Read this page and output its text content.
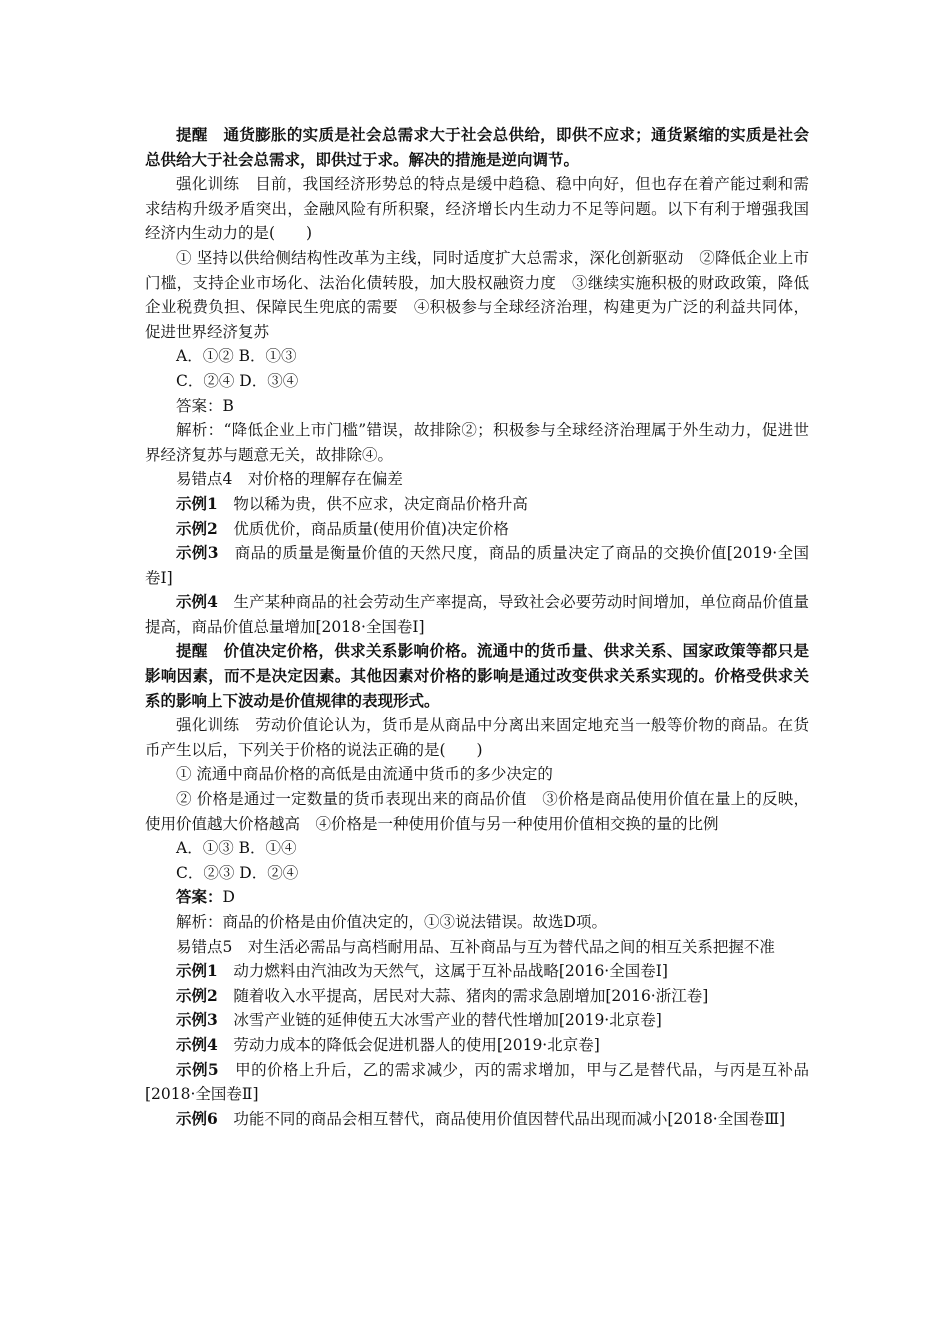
提醒　 通货膨胀的实质是社会总需求大于社会总供给，即供不应求；通货紧缩的实质是社会总供给大于社会总需求，即供过于求。解决的措施是逆向调节。

强化训练　 目前，我国经济形势总的特点是缓中趋稳、稳中向好，但也存在着产能过剩和需求结构升级矛盾突出，金融风险有所积聚，经济增长内生动力不足等问题。以下有利于增强我国经济内生动力的是(　　)

① 坚持以供给侧结构性改革为主线，同时适度扩大总需求，深化创新驱动　②降低企业上市门槛，支持企业市场化、法治化债转股，加大股权融资力度　③继续实施积极的财政政策，降低企业税费负担、保障民生兜底的需要　④积极参与全球经济治理，构建更为广泛的利益共同体，促进世界经济复苏

A．①② B．①③

C．②④ D．③④

答案：B

解析：“降低企业上市门槛”错误，故排除②；积极参与全球经济治理属于外生动力，促进世界经济复苏与题意无关，故排除④。

易错点4　对价格的理解存在偏差

示例1　 物以稀为贵，供不应求，决定商品价格升高

示例2　 优质优价，商品质量(使用价值)决定价格

示例3　 商品的质量是衡量价值的天然尺度，商品的质量决定了商品的交换价值[2019·全国卷Ⅰ]

示例4　 生产某种商品的社会劳动生产率提高，导致社会必要劳动时间增加，单位商品价值量提高，商品价值总量增加[2018·全国卷Ⅰ]

提醒　 价值决定价格，供求关系影响价格。流通中的货币量、供求关系、国家政策等都只是影响因素，而不是决定因素。其他因素对价格的影响是通过改变供求关系实现的。价格受供求关系的影响上下波动是价值规律的表现形式。

强化训练　 劳动价值论认为，货币是从商品中分离出来固定地充当一般等价物的商品。在货币产生以后，下列关于价格的说法正确的是(　　)

① 流通中商品价格的高低是由流通中货币的多少决定的

② 价格是通过一定数量的货币表现出来的商品价值　③价格是商品使用价值在量上的反映，使用价值越大价格越高　④价格是一种使用价值与另一种使用价值相交换的量的比例

A．①③ B．①④

C．②③ D．②④

答案：D

解析：商品的价格是由价值决定的，①③说法错误。故选D项。

易错点5　对生活必需品与高档耐用品、互补商品与互为替代品之间的相互关系把握不准

示例1　 动力燃料由汽油改为天然气，这属于互补品战略[2016·全国卷Ⅰ]

示例2　 随着收入水平提高，居民对大蒜、猪肉的需求急剧增加[2016·浙江卷]

示例3　 冰雪产业链的延伸使五大冰雪产业的替代性增加[2019·北京卷]

示例4　 劳动力成本的降低会促进机器人的使用[2019·北京卷]

示例5　 甲的价格上升后，乙的需求减少，丙的需求增加，甲与乙是替代品，与丙是互补品[2018·全国卷Ⅱ]

示例6　 功能不同的商品会相互替代，商品使用价值因替代品出现而减小[2018·全国卷Ⅲ]
